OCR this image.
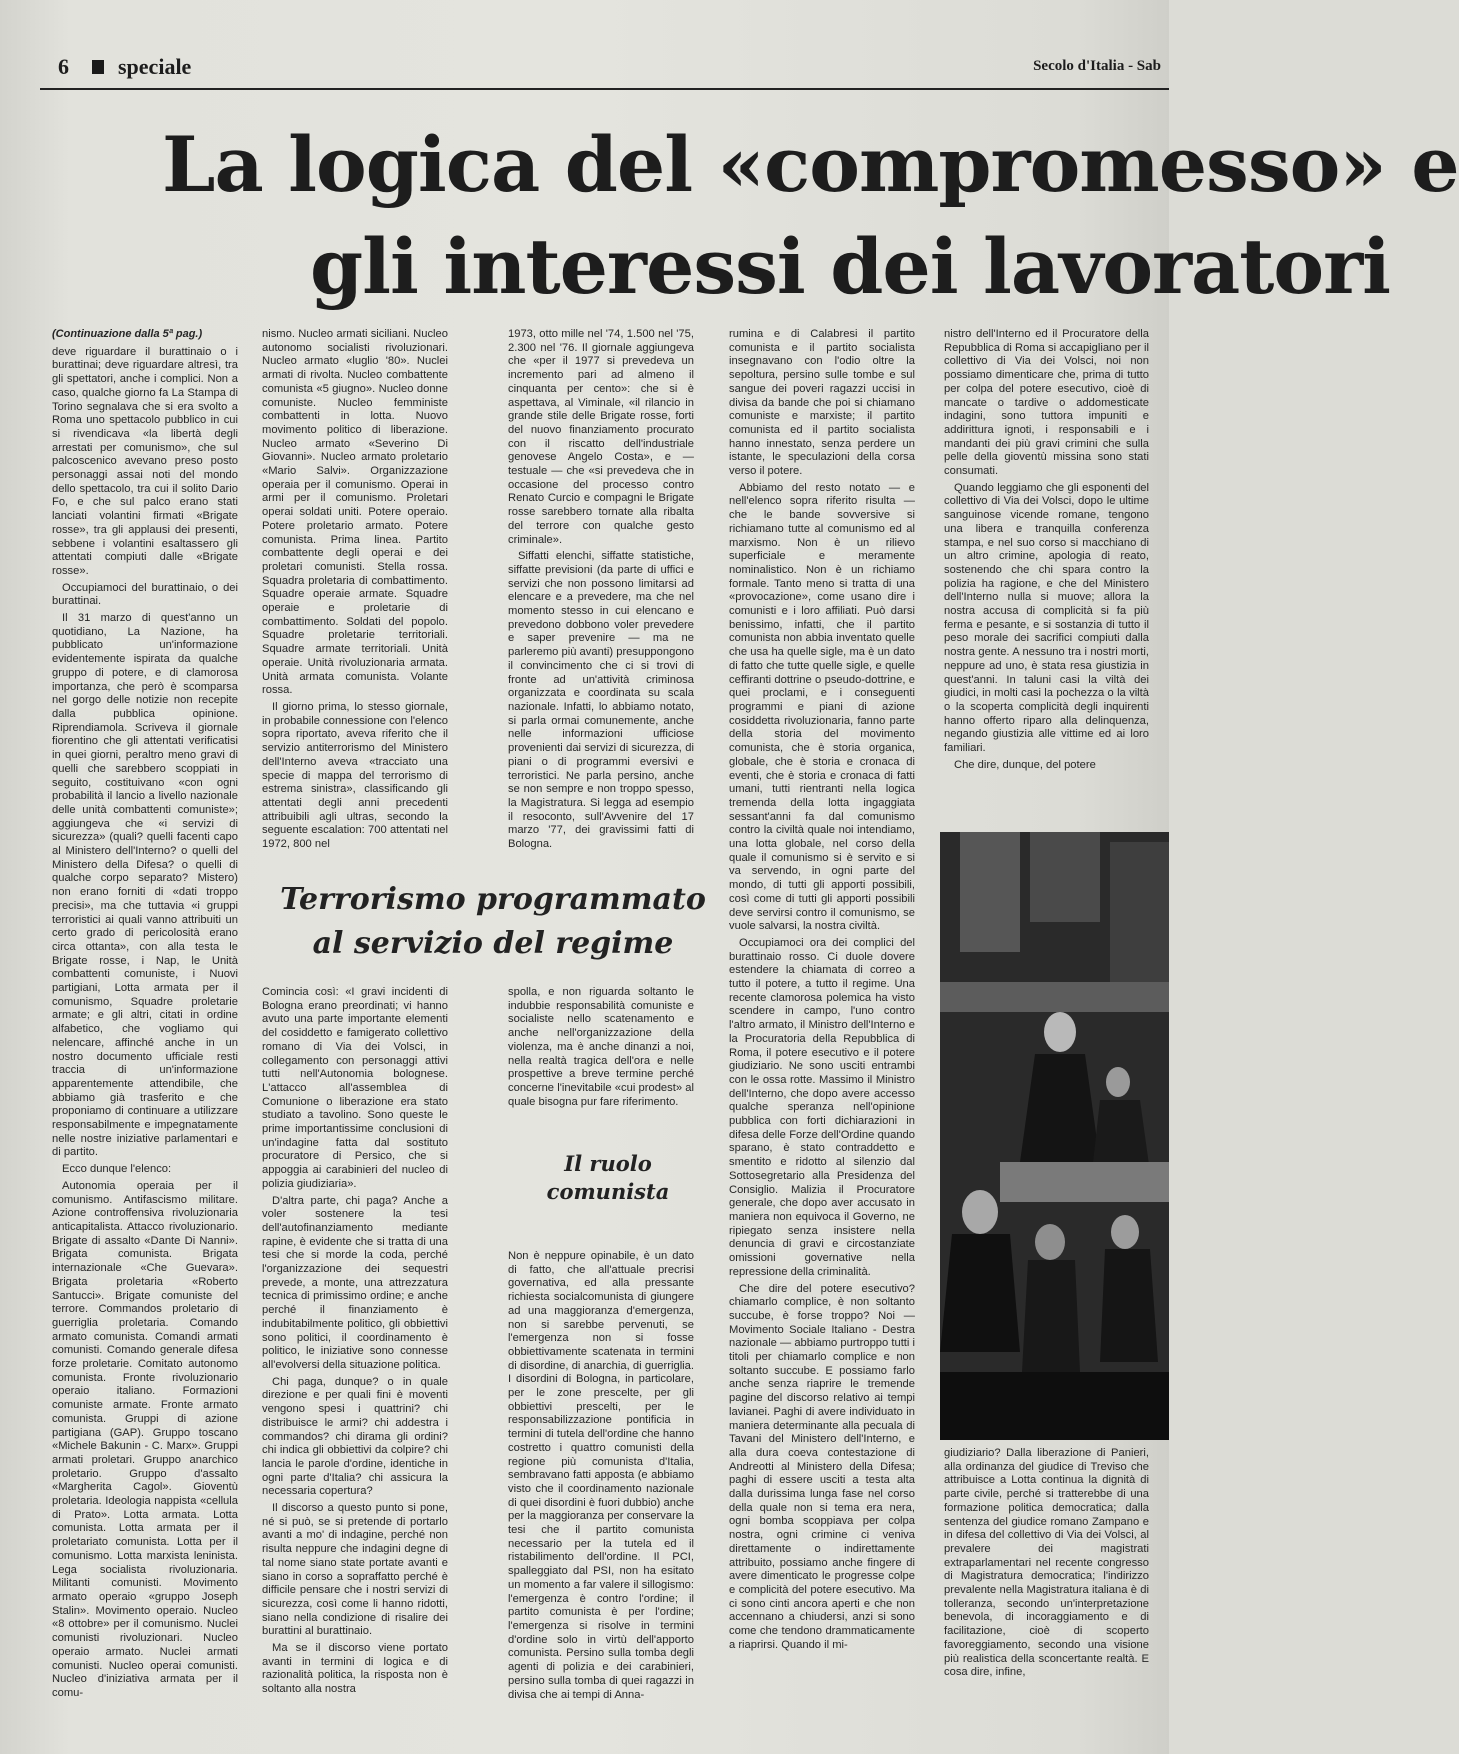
6 speciale	Secolo d'Italia - Sab
La logica del «compromesso» e
gli interessi dei lavoratori
(Continuazione dalla 5ª pag.)

deve riguardare il burattinaio o i burattinai; deve riguardare altresì, tra gli spettatori, anche i complici. Non a caso, qualche giorno fa La Stampa di Torino segnalava che si era svolto a Roma uno spettacolo pubblico in cui si rivendicava «la libertà degli arrestati per comunismo», che sul palcoscenico avevano preso posto personaggi assai noti del mondo dello spettacolo, tra cui il solito Dario Fo, e che sul palco erano stati lanciati volantini firmati «Brigate rosse», tra gli applausi dei presenti, sebbene i volantini esaltassero gli attentati compiuti dalle «Brigate rosse».

Occupiamoci del burattinaio, o dei burattinai.

Il 31 marzo di quest'anno un quotidiano, La Nazione, ha pubblicato un'informazione evidentemente ispirata da qualche gruppo di potere, e di clamorosa importanza, che però è scomparsa nel gorgo delle notizie non recepite dalla pubblica opinione. Riprendiamola. Scriveva il giornale fiorentino che gli attentati verificatisi in quei giorni, peraltro meno gravi di quelli che sarebbero scoppiati in seguito, costituivano «con ogni probabilità il lancio a livello nazionale delle unità combattenti comuniste»; aggiungeva che «i servizi di sicurezza» (quali? quelli facenti capo al Ministero dell'Interno? o quelli del Ministero della Difesa? o quelli di qualche corpo separato? Mistero) non erano forniti di «dati troppo precisi», ma che tuttavia «i gruppi terroristici ai quali vanno attribuiti un certo grado di pericolosità erano circa ottanta», con alla testa le Brigate rosse, i Nap, le Unità combattenti comuniste, i Nuovi partigiani, Lotta armata per il comunismo, Squadre proletarie armate; e gli altri, citati in ordine alfabetico, che vogliamo qui nelencare, affinché anche in un nostro documento ufficiale resti traccia di un'informazione apparentemente attendibile, che abbiamo già trasferito e che proponiamo di continuare a utilizzare responsabilmente e impegnatamente nelle nostre iniziative parlamentari e di partito.

Ecco dunque l'elenco:

Autonomia operaia per il comunismo. Antifascismo militare. Azione controffensiva rivoluzionaria anticapitalista. Attacco rivoluzionario. Brigate di assalto «Dante Di Nanni». Brigata comunista. Brigata internazionale «Che Guevara». Brigata proletaria «Roberto Santucci». Brigate comuniste del terrore. Commandos proletario di guerriglia proletaria. Comando armato comunista. Comandi armati comunisti. Comando generale difesa forze proletarie. Comitato autonomo comunista. Fronte rivoluzionario operaio italiano. Formazioni comuniste armate. Fronte armato comunista. Gruppi di azione partigiana (GAP). Gruppo toscano «Michele Bakunin - C. Marx». Gruppi armati proletari. Gruppo anarchico proletario. Gruppo d'assalto «Margherita Cagol». Gioventù proletaria. Ideologia nappista «cellula di Prato». Lotta armata. Lotta comunista. Lotta armata per il proletariato comunista. Lotta per il comunismo. Lotta marxista leninista. Lega socialista rivoluzionaria. Militanti comunisti. Movimento armato operaio «gruppo Joseph Stalin». Movimento operaio. Nucleo «8 ottobre» per il comunismo. Nuclei comunisti rivoluzionari. Nucleo operaio armato. Nuclei armati comunisti. Nucleo operai comunisti. Nucleo d'iniziativa armata per il comu-

nismo. Nucleo armati siciliani. Nucleo autonomo socialisti rivoluzionari. Nucleo armato «luglio '80». Nuclei armati di rivolta. Nucleo combattente comunista «5 giugno». Nucleo donne comuniste. Nucleo femministe combattenti in lotta. Nuovo movimento politico di liberazione. Nucleo armato «Severino Di Giovanni». Nucleo armato proletario «Mario Salvi». Organizzazione operaia per il comunismo. Operai in armi per il comunismo. Proletari operai soldati uniti. Potere operaio. Potere proletario armato. Potere comunista. Prima linea. Partito combattente degli operai e dei proletari comunisti. Stella rossa. Squadra proletaria di combattimento. Squadre operaie armate. Squadre operaie e proletarie di combattimento. Soldati del popolo. Squadre proletarie territoriali. Squadre armate territoriali. Unità operaie. Unità rivoluzionaria armata. Unità armata comunista. Volante rossa.

Il giorno prima, lo stesso giornale, in probabile connessione con l'elenco sopra riportato, aveva riferito che il servizio antiterrorismo del Ministero dell'Interno aveva «tracciato una specie di mappa del terrorismo di estrema sinistra», classificando gli attentati degli anni precedenti attribuibili agli ultras, secondo la seguente escalation: 700 attentati nel 1972, 800 nel

1973, otto mille nel '74, 1.500 nel '75, 2.300 nel '76. Il giornale aggiungeva che «per il 1977 si prevedeva un incremento pari ad almeno il cinquanta per cento»: che si è aspettava, al Viminale, «il rilancio in grande stile delle Brigate rosse, forti del nuovo finanziamento procurato con il riscatto dell'industriale genovese Angelo Costa», e — testuale — che «si prevedeva che in occasione del processo contro Renato Curcio e compagni le Brigate rosse sarebbero tornate alla ribalta del terrore con qualche gesto criminale».

Siffatti elenchi, siffatte statistiche, siffatte previsioni (da parte di uffici e servizi che non possono limitarsi ad elencare e a prevedere, ma che nel momento stesso in cui elencano e prevedono dobbono voler prevedere e saper prevenire — ma ne parleremo più avanti) presuppongono il convincimento che ci si trovi di fronte ad un'attività criminosa organizzata e coordinata su scala nazionale. Infatti, lo abbiamo notato, si parla ormai comunemente, anche nelle informazioni ufficiose provenienti dai servizi di sicurezza, di piani o di programmi eversivi e terroristici. Ne parla persino, anche se non sempre e non troppo spesso, la Magistratura. Si legga ad esempio il resoconto, sull'Avvenire del 17 marzo '77, dei gravissimi fatti di Bologna.

rumina e di Calabresi il partito comunista e il partito socialista insegnavano con l'odio oltre la sepoltura, persino sulle tombe e sul sangue dei poveri ragazzi uccisi in divisa da bande che poi si chiamano comuniste e marxiste; il partito comunista ed il partito socialista hanno innestato, senza perdere un istante, le speculazioni della corsa verso il potere.

Abbiamo del resto notato — e nell'elenco sopra riferito risulta — che le bande sovversive si richiamano tutte al comunismo ed al marxismo. Non è un rilievo superficiale e meramente nominalistico. Non è un richiamo formale. Tanto meno si tratta di una «provocazione», come usano dire i comunisti e i loro affiliati. Può darsi benissimo, infatti, che il partito comunista non abbia inventato quelle che usa ha quelle sigle, ma è un dato di fatto che tutte quelle sigle, e quelle ceffiranti dottrine o pseudo-dottrine, e quei proclami, e i conseguenti programmi e piani di azione cosiddetta rivoluzionaria, fanno parte della storia del movimento comunista, che è storia organica, globale, che è storia e cronaca di eventi, che è storia e cronaca di fatti umani, tutti rientranti nella logica tremenda della lotta ingaggiata sessant'anni fa dal comunismo contro la civiltà quale noi intendiamo, una lotta globale, nel corso della quale il comunismo si è servito e si va servendo, in ogni parte del mondo, di tutti gli apporti possibili, così come di tutti gli apporti possibili deve servirsi contro il comunismo, se vuole salvarsi, la nostra civiltà.

Occupiamoci ora dei complici del burattinaio rosso. Ci duole dovere estendere la chiamata di correo a tutto il potere, a tutto il regime. Una recente clamorosa polemica ha visto scendere in campo, l'uno contro l'altro armato, il Ministro dell'Interno e la Procuratoria della Repubblica di Roma, il potere esecutivo e il potere giudiziario. Ne sono usciti entrambi con le ossa rotte. Massimo il Ministro dell'Interno, che dopo avere accesso qualche speranza nell'opinione pubblica con forti dichiarazioni in difesa delle Forze dell'Ordine quando sparano, è stato contraddetto e smentito e ridotto al silenzio dal Sottosegretario alla Presidenza del Consiglio. Malizia il Procuratore generale, che dopo aver accusato in maniera non equivoca il Governo, ne ripiegato senza insistere nella denuncia di gravi e circostanziate omissioni governative nella repressione della criminalità.

Che dire del potere esecutivo? chiamarlo complice, è non soltanto succube, è forse troppo? Noi — Movimento Sociale Italiano - Destra nazionale — abbiamo purtroppo tutti i titoli per chiamarlo complice e non soltanto succube. E possiamo farlo anche senza riaprire le tremende pagine del discorso relativo ai tempi lavianei. Paghi di avere individuato in maniera determinante alla pecuala di Tavani del Ministero dell'Interno, e alla dura coeva contestazione di Andreotti al Ministero della Difesa; paghi di essere usciti a testa alta dalla durissima lunga fase nel corso della quale non si tema era nera, ogni bomba scoppiava per colpa nostra, ogni crimine ci veniva direttamente o indirettamente attribuito, possiamo anche fingere di avere dimenticato le progresse colpe e complicità del potere esecutivo. Ma ci sono cinti ancora aperti e che non accennano a chiudersi, anzi si sono come che tendono drammaticamente a riaprirsi. Quando il mi-

nistro dell'Interno ed il Procuratore della Repubblica di Roma si accapigliano per il collettivo di Via dei Volsci, noi non possiamo dimenticare che, prima di tutto per colpa del potere esecutivo, cioè di mancate o tardive o addomesticate indagini, sono tuttora impuniti e addirittura ignoti, i responsabili e i mandanti dei più gravi crimini che sulla pelle della gioventù missina sono stati consumati.

Quando leggiamo che gli esponenti del collettivo di Via dei Volsci, dopo le ultime sanguinose vicende romane, tengono una libera e tranquilla conferenza stampa, e nel suo corso si macchiano di un altro crimine, apologia di reato, sostenendo che chi spara contro la polizia ha ragione, e che del Ministero dell'Interno nulla si muove; allora la nostra accusa di complicità si fa più ferma e pesante, e si sostanzia di tutto il peso morale dei sacrifici compiuti dalla nostra gente. A nessuno tra i nostri morti, neppure ad uno, è stata resa giustizia in quest'anni. In taluni casi la viltà dei giudici, in molti casi la pochezza o la viltà o la scoperta complicità degli inquirenti hanno offerto riparo alla delinquenza, negando giustizia alle vittime ed ai loro familiari.

Che dire, dunque, del potere

giudiziario? Dalla liberazione di Panieri, alla ordinanza del giudice di Treviso che attribuisce a Lotta continua la dignità di parte civile, perché si tratterebbe di una formazione politica democratica; dalla sentenza del giudice romano Zampano e in difesa del collettivo di Via dei Volsci, al prevalere dei magistrati extraparlamentari nel recente congresso di Magistratura democratica; l'indirizzo prevalente nella Magistratura italiana è di tolleranza, secondo un'interpretazione benevola, di incoraggiamento e di facilitazione, cioè di scoperto favoreggiamento, secondo una visione più realistica della sconcertante realtà. E cosa dire, infine,

Terrorismo programmato
al servizio del regime

Comincia così: «I gravi incidenti di Bologna erano preordinati; vi hanno avuto una parte importante elementi del cosiddetto e famigerato collettivo romano di Via dei Volsci, in collegamento con personaggi attivi tutti nell'Autonomia bolognese. L'attacco all'assemblea di Comunione o liberazione era stato studiato a tavolino. Sono queste le prime importantissime conclusioni di un'indagine fatta dal sostituto procuratore di Persico, che si appoggia ai carabinieri del nucleo di polizia giudiziaria».

D'altra parte, chi paga? Anche a voler sostenere la tesi dell'autofinanziamento mediante rapine, è evidente che si tratta di una tesi che si morde la coda, perché l'organizzazione dei sequestri prevede, a monte, una attrezzatura tecnica di primissimo ordine; e anche perché il finanziamento è indubitabilmente politico, gli obbiettivi sono politici, il coordinamento è politico, le iniziative sono connesse all'evolversi della situazione politica.

Chi paga, dunque? o in quale direzione e per quali fini è moventi vengono spesi i quattrini? chi distribuisce le armi? chi addestra i commandos? chi dirama gli ordini? chi indica gli obbiettivi da colpire? chi lancia le parole d'ordine, identiche in ogni parte d'Italia? chi assicura la necessaria copertura?

Il discorso a questo punto si pone, né si può, se si pretende di portarlo avanti a mo' di indagine, perché non risulta neppure che indagini degne di tal nome siano state portate avanti e siano in corso a sopraffatto perché è difficile pensare che i nostri servizi di sicurezza, così come li hanno ridotti, siano nella condizione di risalire dei burattini al burattinaio.

Ma se il discorso viene portato avanti in termini di logica e di razionalità politica, la risposta non è soltanto alla nostra

spolla, e non riguarda soltanto le indubbie responsabilità comuniste e socialiste nello scatenamento e anche nell'organizzazione della violenza, ma è anche dinanzi a noi, nella realtà tragica dell'ora e nelle prospettive a breve termine perché concerne l'inevitabile «cui prodest» al quale bisogna pur fare riferimento.

Il ruolo
comunista

Non è neppure opinabile, è un dato di fatto, che all'attuale precrisi governativa, ed alla pressante richiesta socialcomunista di giungere ad una maggioranza d'emergenza, non si sarebbe pervenuti, se l'emergenza non si fosse obbiettivamente scatenata in termini di disordine, di anarchia, di guerriglia. I disordini di Bologna, in particolare, per le zone prescelte, per gli obbiettivi prescelti, per le responsabilizzazione pontificia in termini di tutela dell'ordine che hanno costretto i quattro comunisti della regione più comunista d'Italia, sembravano fatti apposta (e abbiamo visto che il coordinamento nazionale di quei disordini è fuori dubbio) anche per la maggioranza per conservare la tesi che il partito comunista necessario per la tutela ed il ristabilimento dell'ordine. Il PCI, spalleggiato dal PSI, non ha esitato un momento a far valere il sillogismo: l'emergenza è contro l'ordine; il partito comunista è per l'ordine; l'emergenza si risolve in termini d'ordine solo in virtù dell'apporto comunista. Persino sulla tomba degli agenti di polizia e dei carabinieri, persino sulla tomba di quei ragazzi in divisa che ai tempi di Anna-
